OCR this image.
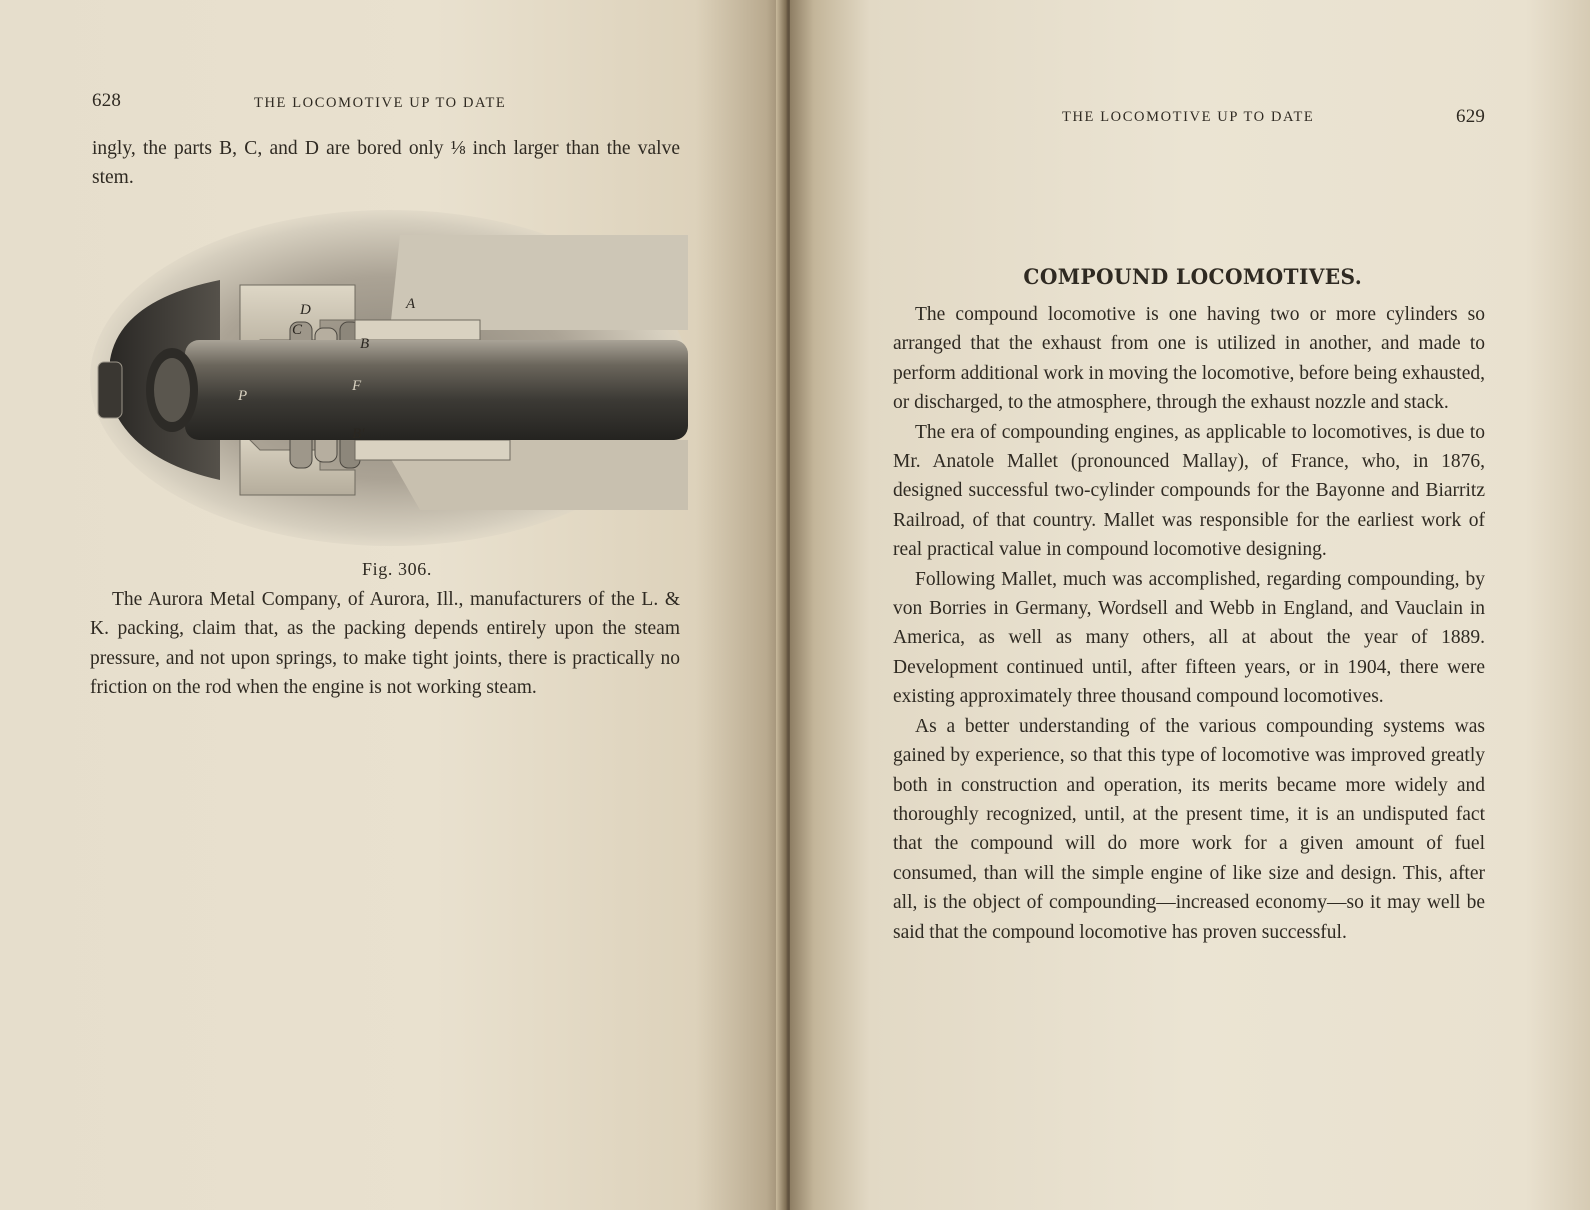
628	THE LOCOMOTIVE UP TO DATE

ingly, the parts B, C, and D are bored only ⅛ inch larger than the valve stem.

D	A
C
B
F
P
B'
Fig. 306.

The Aurora Metal Company, of Aurora, Ill., manufacturers of the L. & K. packing, claim that, as the packing depends entirely upon the steam pressure, and not upon springs, to make tight joints, there is practically no friction on the rod when the engine is not working steam.

THE LOCOMOTIVE UP TO DATE	629
COMPOUND LOCOMOTIVES.

The compound locomotive is one having two or more cylinders so arranged that the exhaust from one is utilized in another, and made to perform additional work in moving the locomotive, before being exhausted, or discharged, to the atmosphere, through the exhaust nozzle and stack.

The era of compounding engines, as applicable to locomotives, is due to Mr. Anatole Mallet (pronounced Mallay), of France, who, in 1876, designed successful two-cylinder compounds for the Bayonne and Biarritz Railroad, of that country. Mallet was responsible for the earliest work of real practical value in compound locomotive designing.

Following Mallet, much was accomplished, regarding compounding, by von Borries in Germany, Wordsell and Webb in England, and Vauclain in America, as well as many others, all at about the year of 1889. Development continued until, after fifteen years, or in 1904, there were existing approximately three thousand compound locomotives.

As a better understanding of the various compounding systems was gained by experience, so that this type of locomotive was improved greatly both in construction and operation, its merits became more widely and thoroughly recognized, until, at the present time, it is an undisputed fact that the compound will do more work for a given amount of fuel consumed, than will the simple engine of like size and design. This, after all, is the object of compounding—increased economy—so it may well be said that the compound locomotive has proven successful.
